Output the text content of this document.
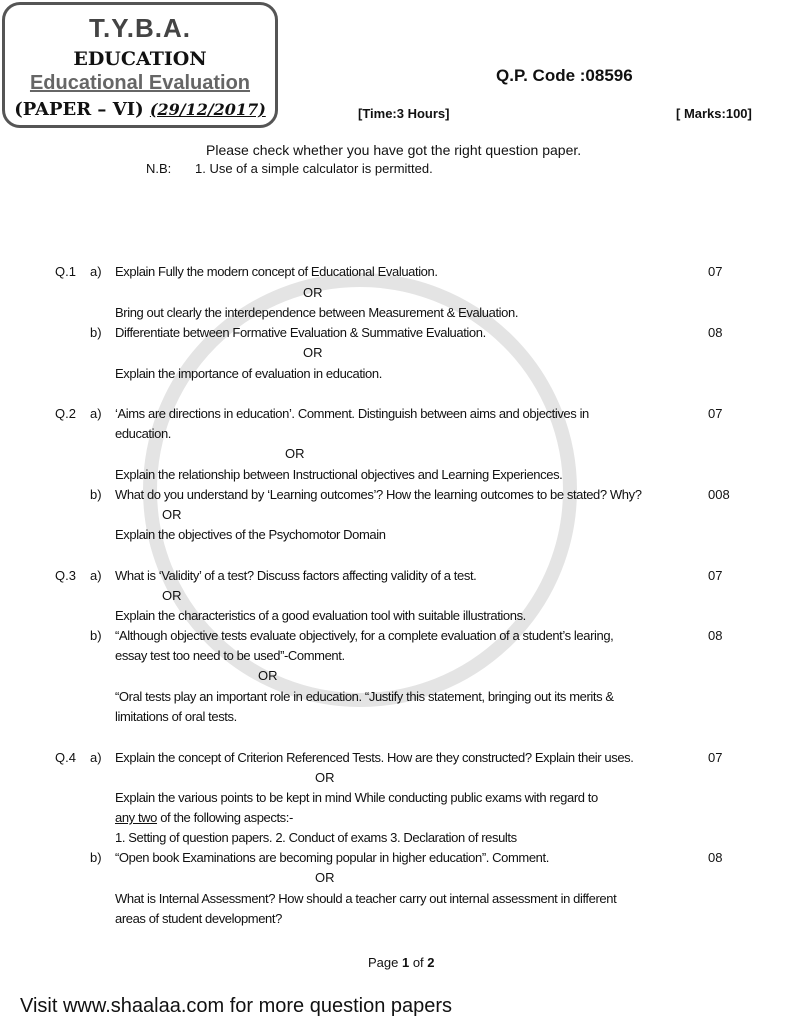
T.Y.B.A.
EDUCATION
Educational Evaluation
(PAPER – VI) (29/12/2017)
Q.P. Code :08596
[Time:3 Hours]	[ Marks:100]
Please check whether you have got the right question paper.
N.B: 1. Use of a simple calculator is permitted.
Q.1 a) Explain Fully the modern concept of Educational Evaluation.	07
OR
Bring out clearly the interdependence between Measurement & Evaluation.
b) Differentiate between Formative Evaluation & Summative Evaluation.	08
OR
Explain the importance of evaluation in education.
Q.2 a) ‘Aims are directions in education’. Comment. Distinguish between aims and objectives in	07
education.
OR
Explain the relationship between Instructional objectives and Learning Experiences.
b) What do you understand by ‘Learning outcomes’? How the learning outcomes to be stated? Why?	008
OR
Explain the objectives of the Psychomotor Domain
Q.3 a) What is ‘Validity’ of a test? Discuss factors affecting validity of a test.	07
OR
Explain the characteristics of a good evaluation tool with suitable illustrations.
b) “Although objective tests evaluate objectively, for a complete evaluation of a student’s learing,	08
essay test too need to be used”-Comment.
OR
“Oral tests play an important role in education. “Justify this statement, bringing out its merits &
limitations of oral tests.
Q.4 a) Explain the concept of Criterion Referenced Tests. How are they constructed? Explain their uses.	07
OR
Explain the various points to be kept in mind While conducting public exams with regard to
any two of the following aspects:-
1. Setting of question papers. 2. Conduct of exams 3. Declaration of results
b) “Open book Examinations are becoming popular in higher education”. Comment.	08
OR
What is Internal Assessment? How should a teacher carry out internal assessment in different
areas of student development?
Page 1 of 2
Visit www.shaalaa.com for more question papers
